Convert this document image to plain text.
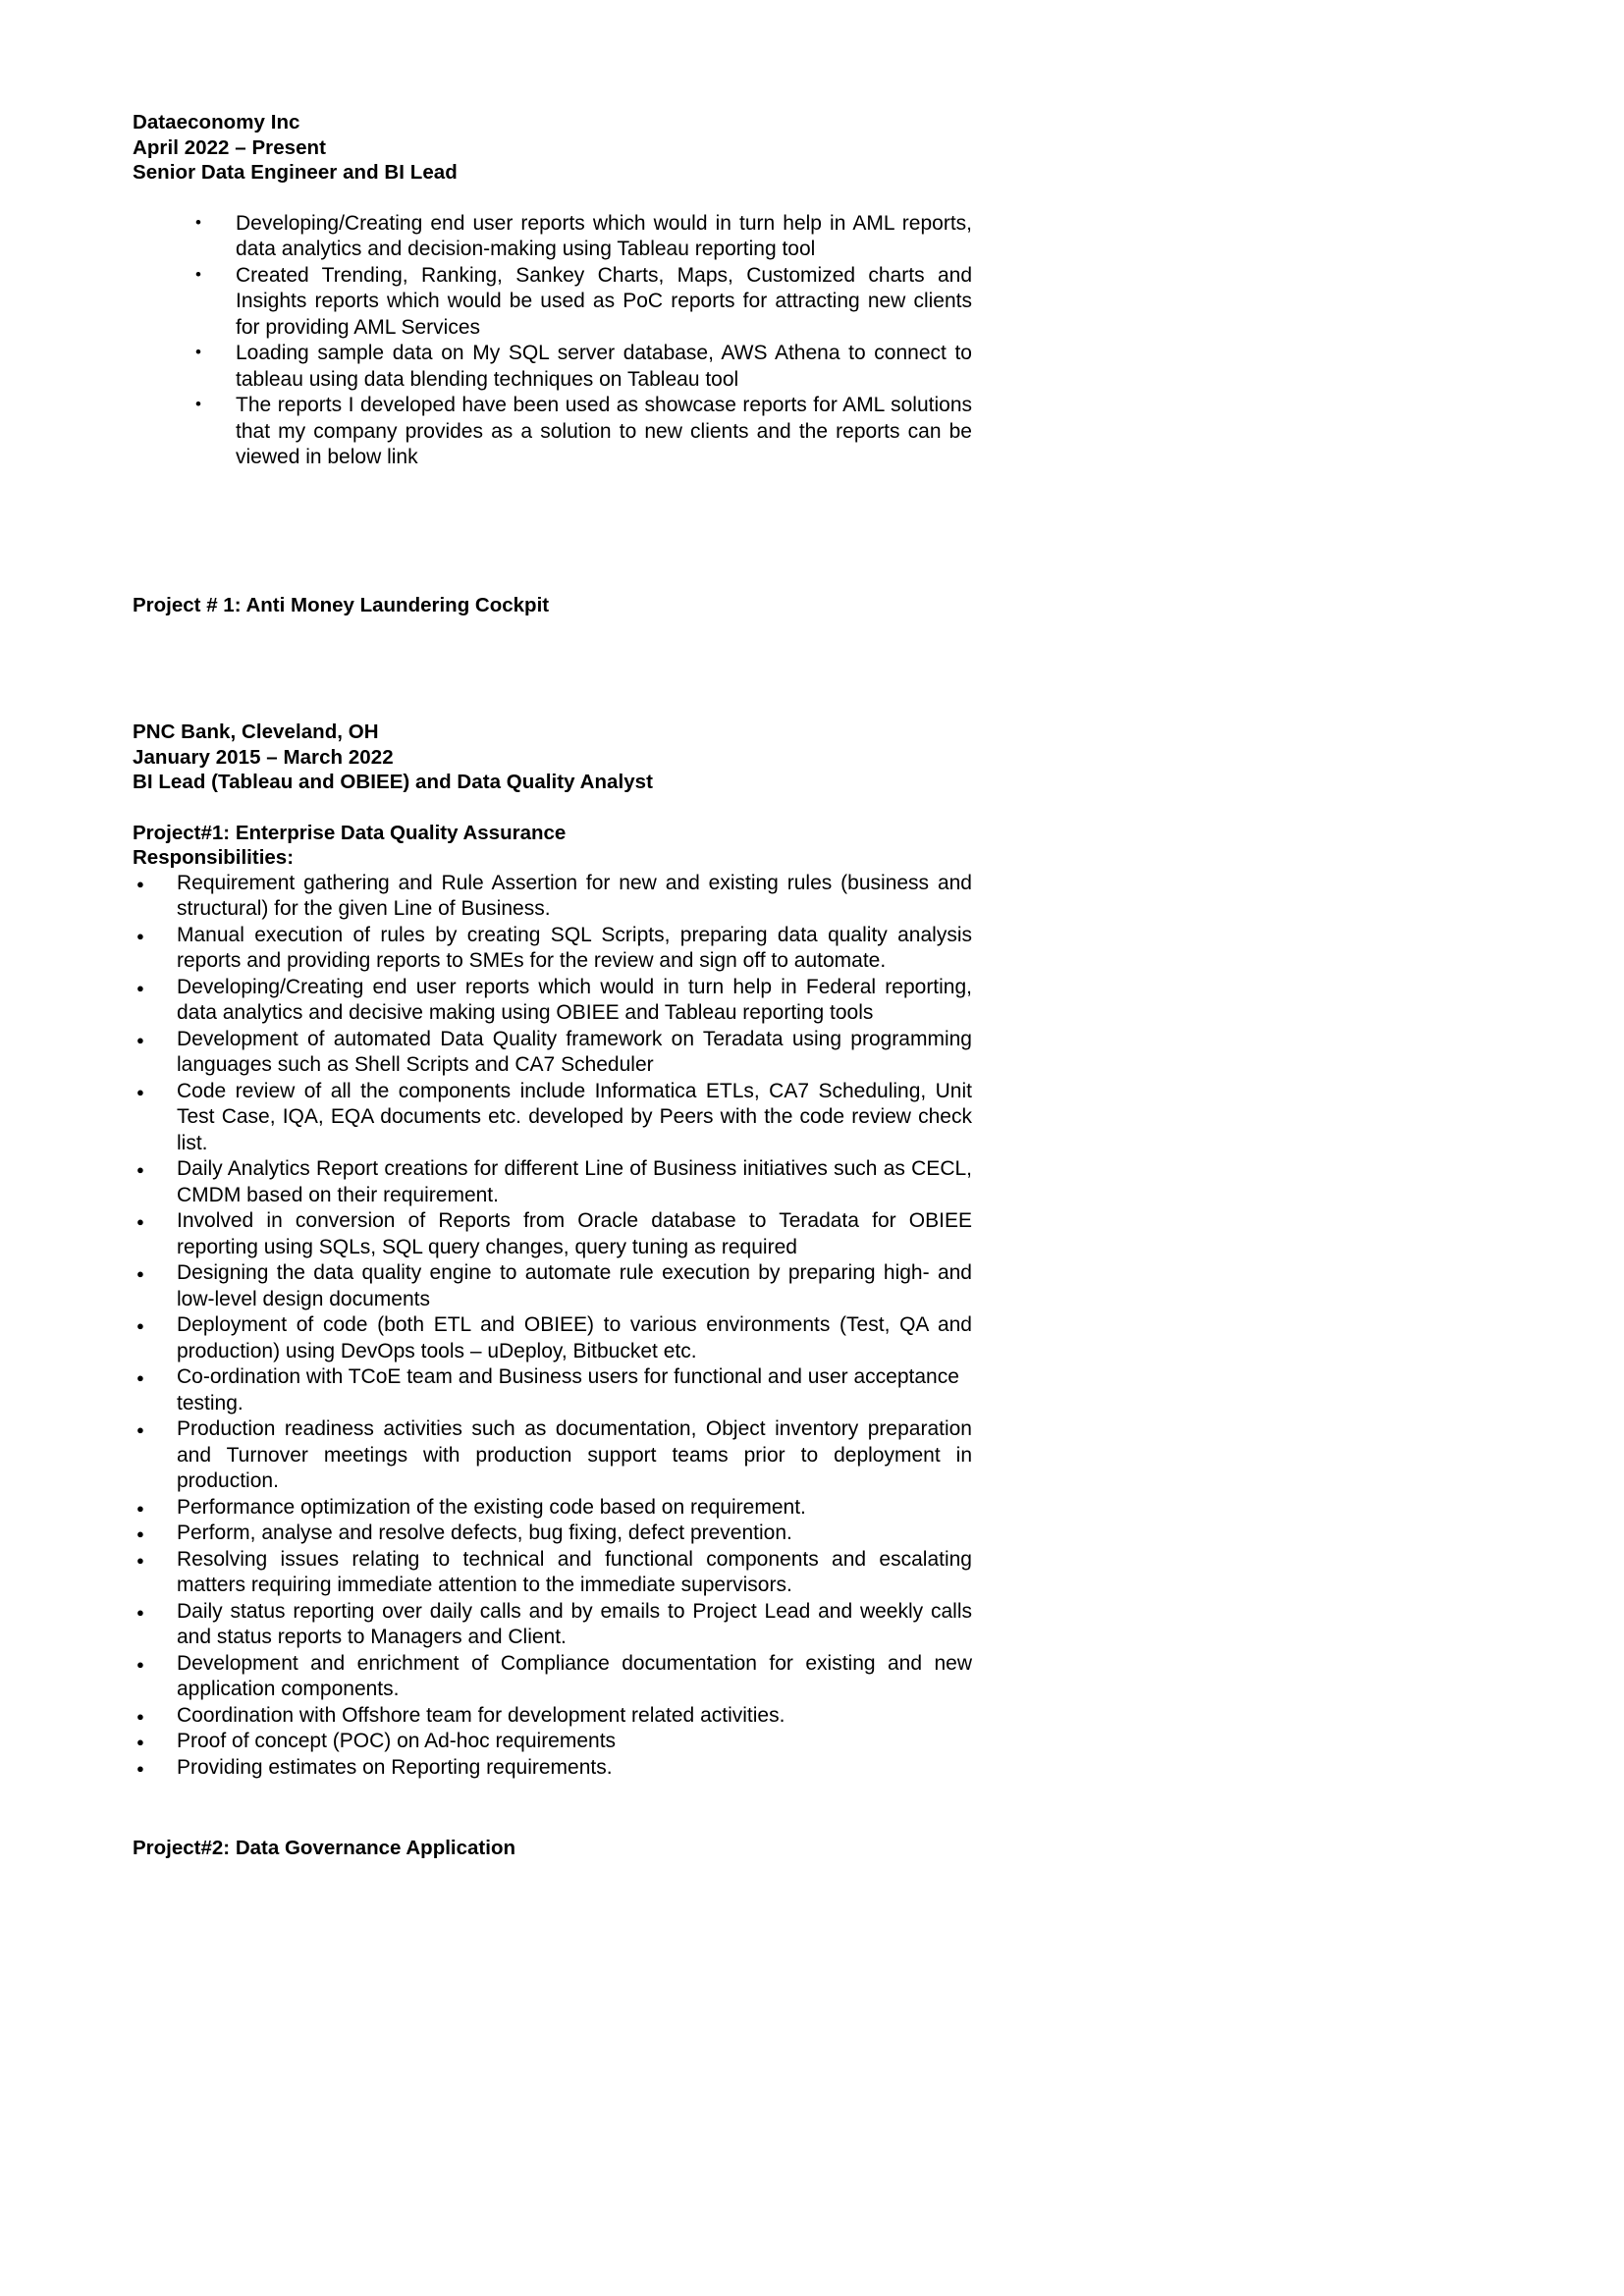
Dataeconomy Inc
April 2022 – Present
Senior Data Engineer and BI Lead
• Developing/Creating end user reports which would in turn help in AML reports, data analytics and decision-making using Tableau reporting tool
• Created Trending, Ranking, Sankey Charts, Maps, Customized charts and Insights reports which would be used as PoC reports for attracting new clients for providing AML Services
• Loading sample data on My SQL server database, AWS Athena to connect to tableau using data blending techniques on Tableau tool
• The reports I developed have been used as showcase reports for AML solutions that my company provides as a solution to new clients and the reports can be viewed in below link
Project # 1: Anti Money Laundering Cockpit
PNC Bank, Cleveland, OH
January 2015 – March 2022
BI Lead (Tableau and OBIEE) and Data Quality Analyst
Project#1: Enterprise Data Quality Assurance
Responsibilities:
● Requirement gathering and Rule Assertion for new and existing rules (business and structural) for the given Line of Business.
● Manual execution of rules by creating SQL Scripts, preparing data quality analysis reports and providing reports to SMEs for the review and sign off to automate.
● Developing/Creating end user reports which would in turn help in Federal reporting, data analytics and decisive making using OBIEE and Tableau reporting tools
● Development of automated Data Quality framework on Teradata using programming languages such as Shell Scripts and CA7 Scheduler
● Code review of all the components include Informatica ETLs, CA7 Scheduling, Unit Test Case, IQA, EQA documents etc. developed by Peers with the code review check list.
● Daily Analytics Report creations for different Line of Business initiatives such as CECL, CMDM based on their requirement.
● Involved in conversion of Reports from Oracle database to Teradata for OBIEE reporting using SQLs, SQL query changes, query tuning as required
● Designing the data quality engine to automate rule execution by preparing high- and low-level design documents
● Deployment of code (both ETL and OBIEE) to various environments (Test, QA and production) using DevOps tools – uDeploy, Bitbucket etc.
● Co-ordination with TCoE team and Business users for functional and user acceptance testing.
● Production readiness activities such as documentation, Object inventory preparation and Turnover meetings with production support teams prior to deployment in production.
● Performance optimization of the existing code based on requirement.
● Perform, analyse and resolve defects, bug fixing, defect prevention.
● Resolving issues relating to technical and functional components and escalating matters requiring immediate attention to the immediate supervisors.
● Daily status reporting over daily calls and by emails to Project Lead and weekly calls and status reports to Managers and Client.
● Development and enrichment of Compliance documentation for existing and new application components.
● Coordination with Offshore team for development related activities.
● Proof of concept (POC) on Ad-hoc requirements
● Providing estimates on Reporting requirements.
Project#2: Data Governance Application
